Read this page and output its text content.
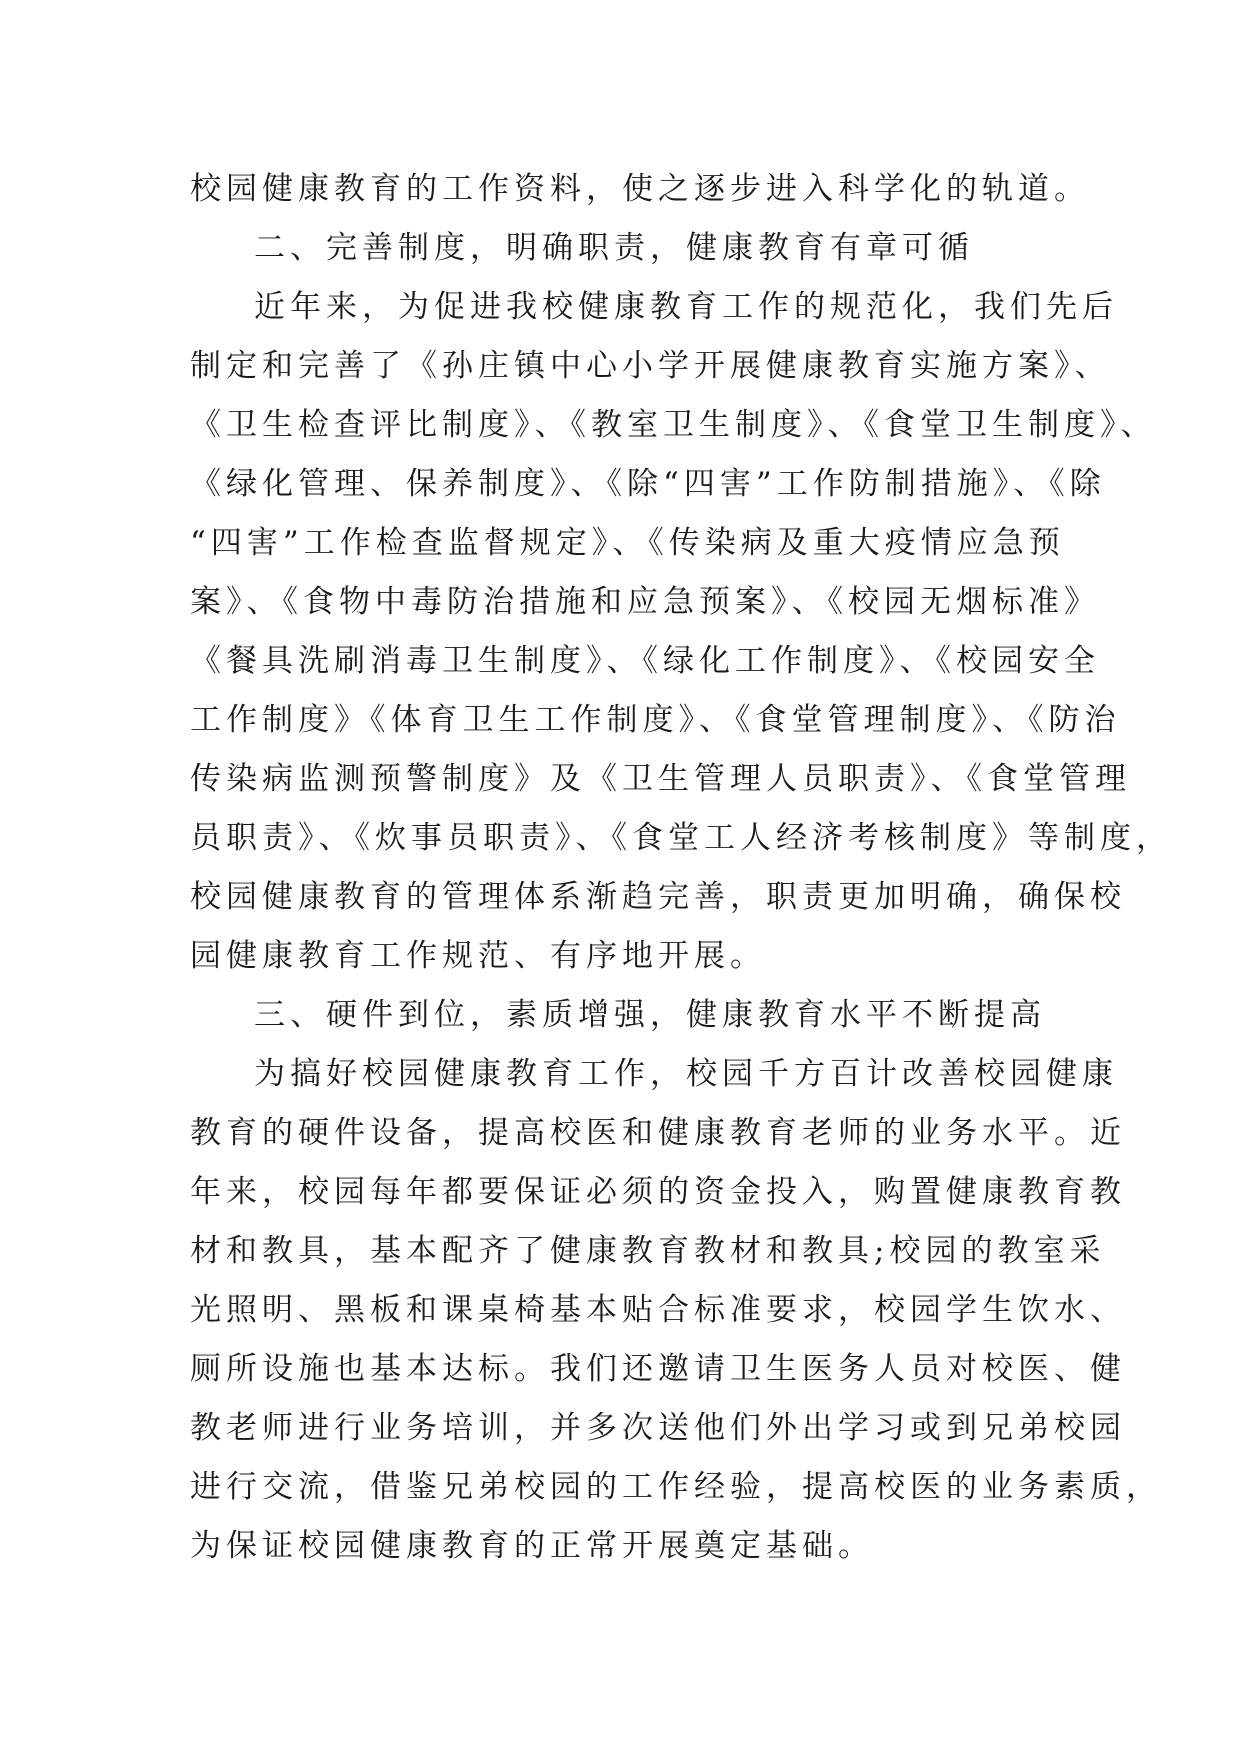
校园健康教育的工作资料，使之逐步进入科学化的轨道。
二、完善制度，明确职责，健康教育有章可循
近年来，为促进我校健康教育工作的规范化，我们先后
制定和完善了《孙庄镇中心小学开展健康教育实施方案》、
《卫生检查评比制度》、《教室卫生制度》、《食堂卫生制度》、
《绿化管理、保养制度》、《除“四害”工作防制措施》、《除
“四害”工作检查监督规定》、《传染病及重大疫情应急预
案》、《食物中毒防治措施和应急预案》、《校园无烟标准》
《餐具洗刷消毒卫生制度》、《绿化工作制度》、《校园安全
工作制度》《体育卫生工作制度》、《食堂管理制度》、《防治
传染病监测预警制度》及《卫生管理人员职责》、《食堂管理
员职责》、《炊事员职责》、《食堂工人经济考核制度》等制度，
校园健康教育的管理体系渐趋完善，职责更加明确，确保校
园健康教育工作规范、有序地开展。
三、硬件到位，素质增强，健康教育水平不断提高
为搞好校园健康教育工作，校园千方百计改善校园健康
教育的硬件设备，提高校医和健康教育老师的业务水平。近
年来，校园每年都要保证必须的资金投入，购置健康教育教
材和教具，基本配齐了健康教育教材和教具;校园的教室采
光照明、黑板和课桌椅基本贴合标准要求，校园学生饮水、
厕所设施也基本达标。我们还邀请卫生医务人员对校医、健
教老师进行业务培训，并多次送他们外出学习或到兄弟校园
进行交流，借鉴兄弟校园的工作经验，提高校医的业务素质，
为保证校园健康教育的正常开展奠定基础。
